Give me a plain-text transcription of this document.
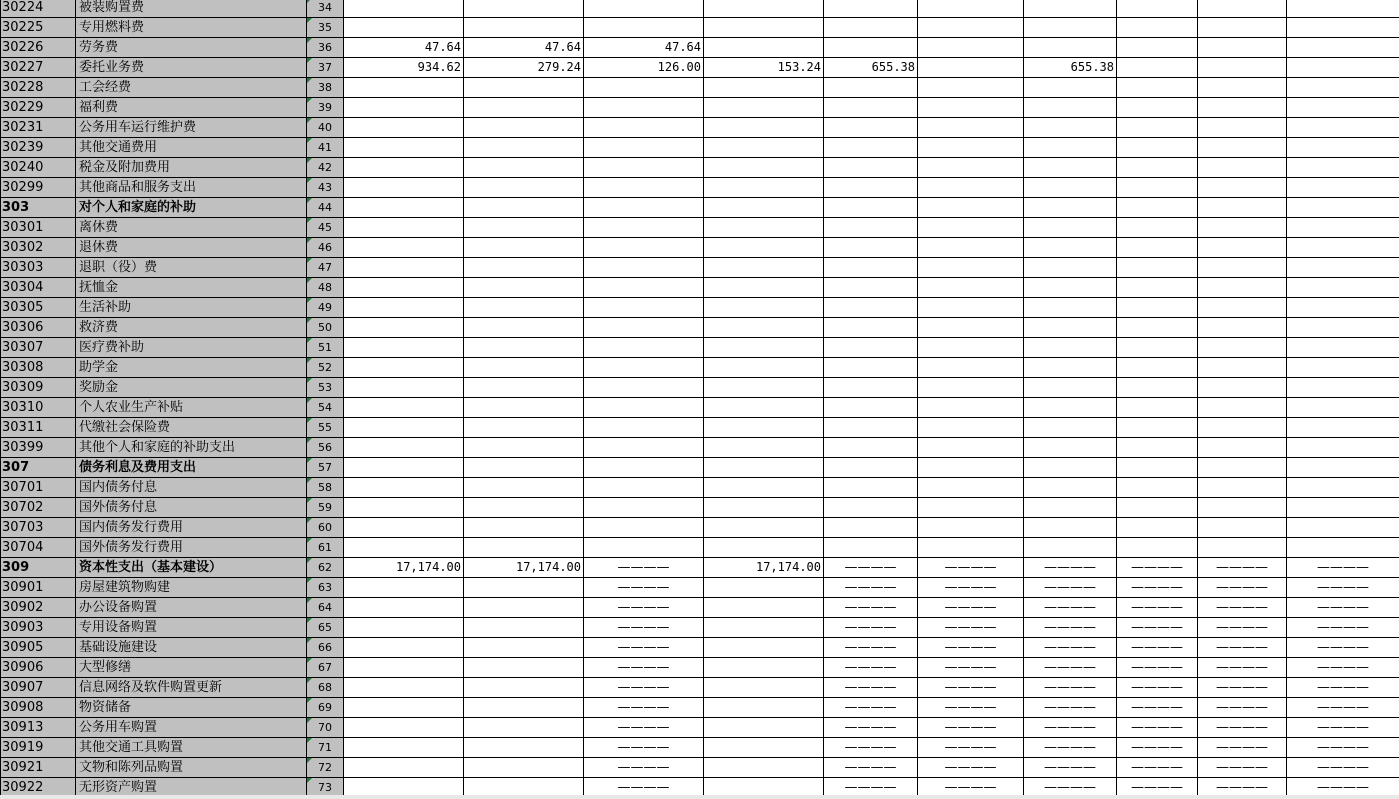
30224	被装购置费	34										
30225	专用燃料费	35										
30226	劳务费	36	47.64	47.64	47.64							
30227	委托业务费	37	934.62	279.24	126.00	153.24	655.38		655.38			
30228	工会经费	38										
30229	福利费	39										
30231	公务用车运行维护费	40										
30239	其他交通费用	41										
30240	税金及附加费用	42										
30299	其他商品和服务支出	43										
303	对个人和家庭的补助	44										
30301	离休费	45										
30302	退休费	46										
30303	退职（役）费	47										
30304	抚恤金	48										
30305	生活补助	49										
30306	救济费	50										
30307	医疗费补助	51										
30308	助学金	52										
30309	奖励金	53										
30310	个人农业生产补贴	54										
30311	代缴社会保险费	55										
30399	其他个人和家庭的补助支出	56										
307	债务利息及费用支出	57										
30701	国内债务付息	58										
30702	国外债务付息	59										
30703	国内债务发行费用	60										
30704	国外债务发行费用	61										
309	资本性支出（基本建设）	62	17,174.00	17,174.00	————	17,174.00	————	————	————	————	————	————
30901	房屋建筑物购建	63			————		————	————	————	————	————	————
30902	办公设备购置	64			————		————	————	————	————	————	————
30903	专用设备购置	65			————		————	————	————	————	————	————
30905	基础设施建设	66			————		————	————	————	————	————	————
30906	大型修缮	67			————		————	————	————	————	————	————
30907	信息网络及软件购置更新	68			————		————	————	————	————	————	————
30908	物资储备	69			————		————	————	————	————	————	————
30913	公务用车购置	70			————		————	————	————	————	————	————
30919	其他交通工具购置	71			————		————	————	————	————	————	————
30921	文物和陈列品购置	72			————		————	————	————	————	————	————
30922	无形资产购置	73			————		————	————	————	————	————	————
